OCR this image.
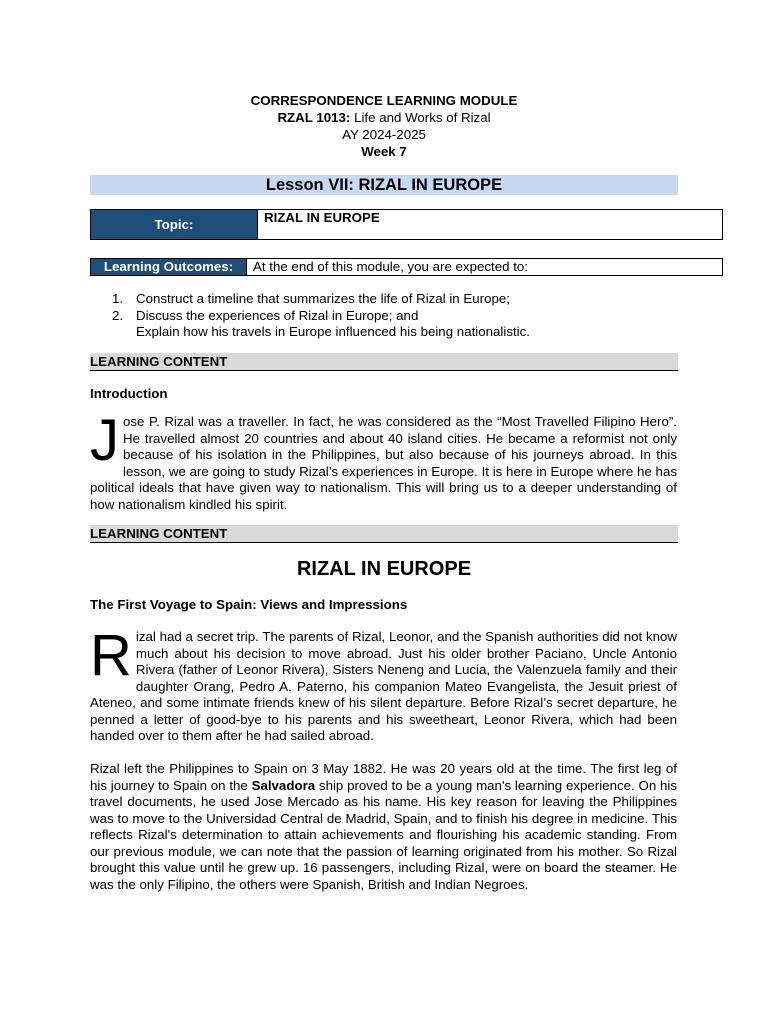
CORRESPONDENCE LEARNING MODULE
RZAL 1013: Life and Works of Rizal
AY 2024-2025
Week 7
Lesson VII: RIZAL IN EUROPE
Topic:	RIZAL IN EUROPE
Learning Outcomes:	At the end of this module, you are expected to:
1. Construct a timeline that summarizes the life of Rizal in Europe;
2. Discuss the experiences of Rizal in Europe; and
Explain how his travels in Europe influenced his being nationalistic.
LEARNING CONTENT
Introduction
Jose P. Rizal was a traveller. In fact, he was considered as the “Most Travelled Filipino Hero”. He travelled almost 20 countries and about 40 island cities. He became a reformist not only because of his isolation in the Philippines, but also because of his journeys abroad. In this lesson, we are going to study Rizal’s experiences in Europe. It is here in Europe where he has political ideals that have given way to nationalism. This will bring us to a deeper understanding of how nationalism kindled his spirit.
LEARNING CONTENT
RIZAL IN EUROPE
The First Voyage to Spain: Views and Impressions
Rizal had a secret trip. The parents of Rizal, Leonor, and the Spanish authorities did not know much about his decision to move abroad. Just his older brother Paciano, Uncle Antonio Rivera (father of Leonor Rivera), Sisters Neneng and Lucia, the Valenzuela family and their daughter Orang, Pedro A. Paterno, his companion Mateo Evangelista, the Jesuit priest of Ateneo, and some intimate friends knew of his silent departure. Before Rizal’s secret departure, he penned a letter of good-bye to his parents and his sweetheart, Leonor Rivera, which had been handed over to them after he had sailed abroad.
Rizal left the Philippines to Spain on 3 May 1882. He was 20 years old at the time. The first leg of his journey to Spain on the Salvadora ship proved to be a young man's learning experience. On his travel documents, he used Jose Mercado as his name. His key reason for leaving the Philippines was to move to the Universidad Central de Madrid, Spain, and to finish his degree in medicine. This reflects Rizal's determination to attain achievements and flourishing his academic standing. From our previous module, we can note that the passion of learning originated from his mother. So Rizal brought this value until he grew up. 16 passengers, including Rizal, were on board the steamer. He was the only Filipino, the others were Spanish, British and Indian Negroes.
